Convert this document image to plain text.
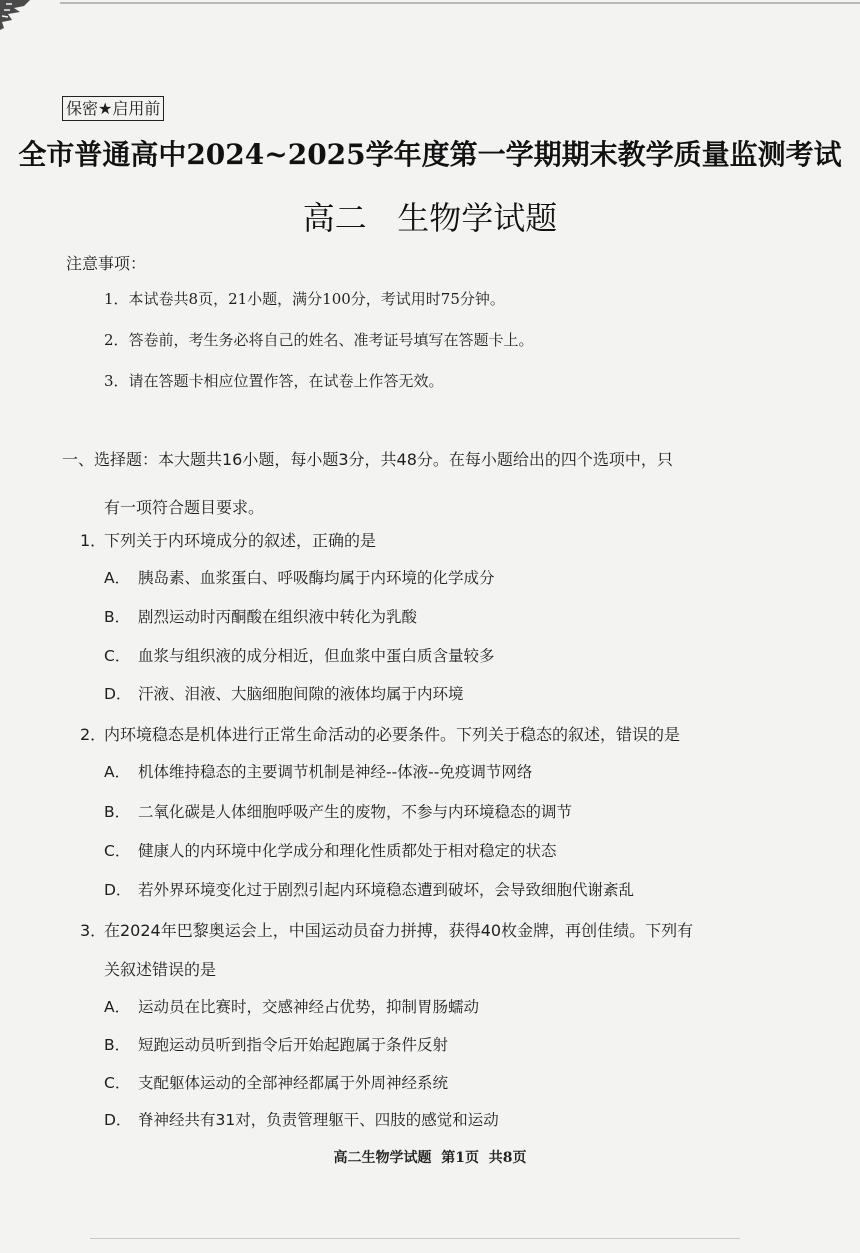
保密★启用前
全市普通高中2024~2025学年度第一学期期末教学质量监测考试
高二   生物学试题
注意事项：
1．本试卷共8页，21小题，满分100分，考试用时75分钟。
2．答卷前，考生务必将自己的姓名、准考证号填写在答题卡上。
3．请在答题卡相应位置作答，在试卷上作答无效。
一、选择题：本大题共16小题，每小题3分，共48分。在每小题给出的四个选项中，只
有一项符合题目要求。
1．下列关于内环境成分的叙述，正确的是
A． 胰岛素、血浆蛋白、呼吸酶均属于内环境的化学成分
B． 剧烈运动时丙酮酸在组织液中转化为乳酸
C． 血浆与组织液的成分相近，但血浆中蛋白质含量较多
D． 汗液、泪液、大脑细胞间隙的液体均属于内环境
2．内环境稳态是机体进行正常生命活动的必要条件。下列关于稳态的叙述，错误的是
A． 机体维持稳态的主要调节机制是神经--体液--免疫调节网络
B． 二氧化碳是人体细胞呼吸产生的废物，不参与内环境稳态的调节
C． 健康人的内环境中化学成分和理化性质都处于相对稳定的状态
D． 若外界环境变化过于剧烈引起内环境稳态遭到破坏，会导致细胞代谢紊乱
3．在2024年巴黎奥运会上，中国运动员奋力拼搏，获得40枚金牌，再创佳绩。下列有
关叙述错误的是
A． 运动员在比赛时，交感神经占优势，抑制胃肠蠕动
B． 短跑运动员听到指令后开始起跑属于条件反射
C． 支配躯体运动的全部神经都属于外周神经系统
D． 脊神经共有31对，负责管理躯干、四肢的感觉和运动
高二生物学试题  第1页  共8页
